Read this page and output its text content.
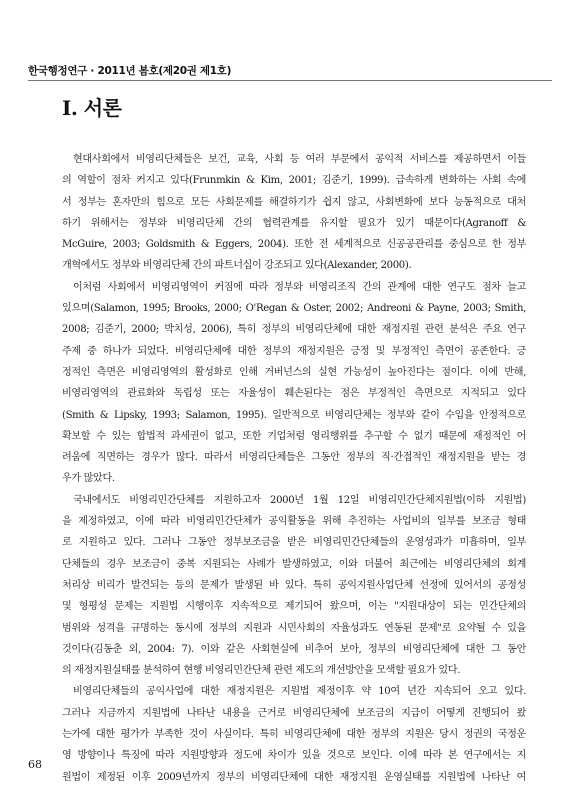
한국행정연구 · 2011년 봄호(제20권 제1호)
Ⅰ. 서론

현대사회에서 비영리단체들은 보건, 교육, 사회 등 여러 부문에서 공익적 서비스를 제공하면서 이들
의 역할이 점차 커지고 있다(Frunmkin & Kim, 2001; 김준기, 1999). 급속하게 변화하는 사회 속에
서 정부는 혼자만의 힘으로 모든 사회문제를 해결하기가 쉽지 않고, 사회변화에 보다 능동적으로 대처
하기 위해서는 정부와 비영리단체 간의 협력관계를 유지할 필요가 있기 때문이다(Agranoff &
McGuire, 2003; Goldsmith & Eggers, 2004). 또한 전 세계적으로 신공공관리를 중심으로 한 정부
개혁에서도 정부와 비영리단체 간의 파트너십이 강조되고 있다(Alexander, 2000).

이처럼 사회에서 비영리영역이 커짐에 따라 정부와 비영리조직 간의 관계에 대한 연구도 점차 늘고
있으며(Salamon, 1995; Brooks, 2000; O'Regan & Oster, 2002; Andreoni & Payne, 2003; Smith,
2008; 김준기, 2000; 박치성, 2006), 특히 정부의 비영리단체에 대한 재정지원 관련 분석은 주요 연구
주제 중 하나가 되었다. 비영리단체에 대한 정부의 재정지원은 긍정 및 부정적인 측면이 공존한다. 긍
정적인 측면은 비영리영역의 활성화로 인해 거버넌스의 실현 가능성이 높아진다는 점이다. 이에 반해,
비영리영역의 관료화와 독립성 또는 자율성이 훼손된다는 점은 부정적인 측면으로 지적되고 있다
(Smith & Lipsky, 1993; Salamon, 1995). 일반적으로 비영리단체는 정부와 같이 수입을 안정적으로
확보할 수 있는 합법적 과세권이 없고, 또한 기업처럼 영리행위를 추구할 수 없기 때문에 재정적인 어
려움에 직면하는 경우가 많다. 따라서 비영리단체들은 그동안 정부의 직·간접적인 재정지원을 받는 경
우가 많았다.

국내에서도 비영리민간단체를 지원하고자 2000년 1월 12일 비영리민간단체지원법(이하 지원법)
을 제정하였고, 이에 따라 비영리민간단체가 공익활동을 위해 추진하는 사업비의 일부를 보조금 형태
로 지원하고 있다. 그러나 그동안 정부보조금을 받은 비영리민간단체들의 운영성과가 미흡하며, 일부
단체들의 경우 보조금이 중복 지원되는 사례가 발생하였고, 이와 더불어 최근에는 비영리단체의 회계
처리상 비리가 발견되는 등의 문제가 발생된 바 있다. 특히 공익지원사업단체 선정에 있어서의 공정성
및 형평성 문제는 지원법 시행이후 지속적으로 제기되어 왔으며, 이는 "지원대상이 되는 민간단체의
범위와 성격을 규명하는 동시에 정부의 지원과 시민사회의 자율성과도 연동된 문제"로 요약될 수 있을
것이다(김동춘 외, 2004: 7). 이와 같은 사회현실에 비추어 보아, 정부의 비영리단체에 대한 그 동안
의 재정지원실태를 분석하여 현행 비영리민간단체 관련 제도의 개선방안을 모색할 필요가 있다.

비영리단체들의 공익사업에 대한 재정지원은 지원법 제정이후 약 10여 년간 지속되어 오고 있다.
그러나 지금까지 지원법에 나타난 내용을 근거로 비영리단체에 보조금의 지급이 어떻게 진행되어 왔
는가에 대한 평가가 부족한 것이 사실이다. 특히 비영리단체에 대한 정부의 지원은 당시 정권의 국정운
영 방향이나 특징에 따라 지원방향과 정도에 차이가 있을 것으로 보인다. 이에 따라 본 연구에서는 지
원법이 제정된 이후 2009년까지 정부의 비영리단체에 대한 재정지원 운영실태를 지원법에 나타난 여

68
